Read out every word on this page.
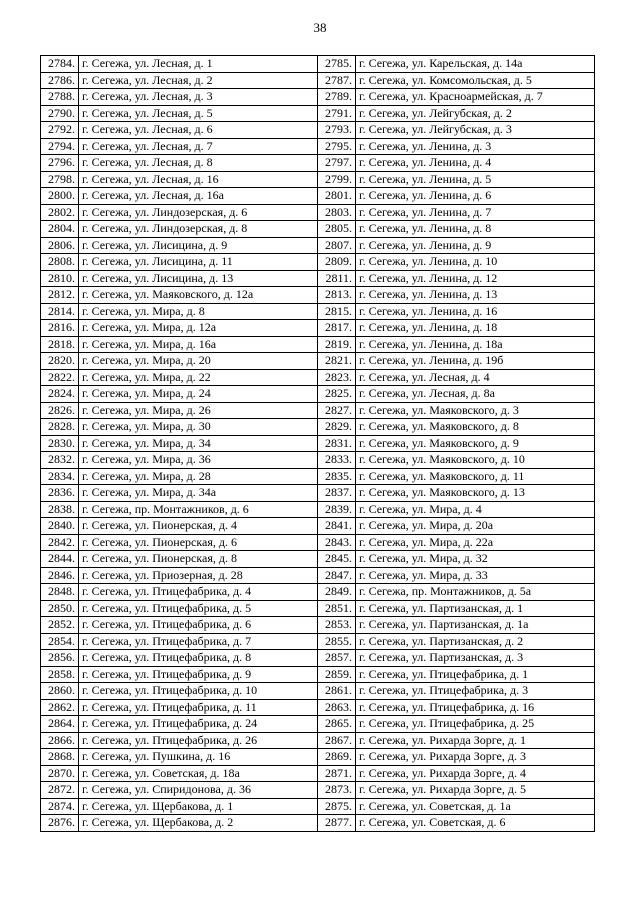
38
2784.	г. Сегежа, ул. Лесная, д. 1	2785.	г. Сегежа, ул. Карельская, д. 14а
2786.	г. Сегежа, ул. Лесная, д. 2	2787.	г. Сегежа, ул. Комсомольская, д. 5
2788.	г. Сегежа, ул. Лесная, д. 3	2789.	г. Сегежа, ул. Красноармейская, д. 7
2790.	г. Сегежа, ул. Лесная, д. 5	2791.	г. Сегежа, ул. Лейгубская, д. 2
2792.	г. Сегежа, ул. Лесная, д. 6	2793.	г. Сегежа, ул. Лейгубская, д. 3
2794.	г. Сегежа, ул. Лесная, д. 7	2795.	г. Сегежа, ул. Ленина, д. 3
2796.	г. Сегежа, ул. Лесная, д. 8	2797.	г. Сегежа, ул. Ленина, д. 4
2798.	г. Сегежа, ул. Лесная, д. 16	2799.	г. Сегежа, ул. Ленина, д. 5
2800.	г. Сегежа, ул. Лесная, д. 16а	2801.	г. Сегежа, ул. Ленина, д. 6
2802.	г. Сегежа, ул. Линдозерская, д. 6	2803.	г. Сегежа, ул. Ленина, д. 7
2804.	г. Сегежа, ул. Линдозерская, д. 8	2805.	г. Сегежа, ул. Ленина, д. 8
2806.	г. Сегежа, ул. Лисицина, д. 9	2807.	г. Сегежа, ул. Ленина, д. 9
2808.	г. Сегежа, ул. Лисицина, д. 11	2809.	г. Сегежа, ул. Ленина, д. 10
2810.	г. Сегежа, ул. Лисицина, д. 13	2811.	г. Сегежа, ул. Ленина, д. 12
2812.	г. Сегежа, ул. Маяковского, д. 12а	2813.	г. Сегежа, ул. Ленина, д. 13
2814.	г. Сегежа, ул. Мира, д. 8	2815.	г. Сегежа, ул. Ленина, д. 16
2816.	г. Сегежа, ул. Мира, д. 12а	2817.	г. Сегежа, ул. Ленина, д. 18
2818.	г. Сегежа, ул. Мира, д. 16а	2819.	г. Сегежа, ул. Ленина, д. 18а
2820.	г. Сегежа, ул. Мира, д. 20	2821.	г. Сегежа, ул. Ленина, д. 19б
2822.	г. Сегежа, ул. Мира, д. 22	2823.	г. Сегежа, ул. Лесная, д. 4
2824.	г. Сегежа, ул. Мира, д. 24	2825.	г. Сегежа, ул. Лесная, д. 8а
2826.	г. Сегежа, ул. Мира, д. 26	2827.	г. Сегежа, ул. Маяковского, д. 3
2828.	г. Сегежа, ул. Мира, д. 30	2829.	г. Сегежа, ул. Маяковского, д. 8
2830.	г. Сегежа, ул. Мира, д. 34	2831.	г. Сегежа, ул. Маяковского, д. 9
2832.	г. Сегежа, ул. Мира, д. 36	2833.	г. Сегежа, ул. Маяковского, д. 10
2834.	г. Сегежа, ул. Мира, д. 28	2835.	г. Сегежа, ул. Маяковского, д. 11
2836.	г. Сегежа, ул. Мира, д. 34а	2837.	г. Сегежа, ул. Маяковского, д. 13
2838.	г. Сегежа, пр. Монтажников, д. 6	2839.	г. Сегежа, ул. Мира, д. 4
2840.	г. Сегежа, ул. Пионерская, д. 4	2841.	г. Сегежа, ул. Мира, д. 20а
2842.	г. Сегежа, ул. Пионерская, д. 6	2843.	г. Сегежа, ул. Мира, д. 22а
2844.	г. Сегежа, ул. Пионерская, д. 8	2845.	г. Сегежа, ул. Мира, д. 32
2846.	г. Сегежа, ул. Приозерная, д. 28	2847.	г. Сегежа, ул. Мира, д. 33
2848.	г. Сегежа, ул. Птицефабрика, д. 4	2849.	г. Сегежа, пр. Монтажников, д. 5а
2850.	г. Сегежа, ул. Птицефабрика, д. 5	2851.	г. Сегежа, ул. Партизанская, д. 1
2852.	г. Сегежа, ул. Птицефабрика, д. 6	2853.	г. Сегежа, ул. Партизанская, д. 1а
2854.	г. Сегежа, ул. Птицефабрика, д. 7	2855.	г. Сегежа, ул. Партизанская, д. 2
2856.	г. Сегежа, ул. Птицефабрика, д. 8	2857.	г. Сегежа, ул. Партизанская, д. 3
2858.	г. Сегежа, ул. Птицефабрика, д. 9	2859.	г. Сегежа, ул. Птицефабрика, д. 1
2860.	г. Сегежа, ул. Птицефабрика, д. 10	2861.	г. Сегежа, ул. Птицефабрика, д. 3
2862.	г. Сегежа, ул. Птицефабрика, д. 11	2863.	г. Сегежа, ул. Птицефабрика, д. 16
2864.	г. Сегежа, ул. Птицефабрика, д. 24	2865.	г. Сегежа, ул. Птицефабрика, д. 25
2866.	г. Сегежа, ул. Птицефабрика, д. 26	2867.	г. Сегежа, ул. Рихарда Зорге, д. 1
2868.	г. Сегежа, ул. Пушкина, д. 16	2869.	г. Сегежа, ул. Рихарда Зорге, д. 3
2870.	г. Сегежа, ул. Советская, д. 18а	2871.	г. Сегежа, ул. Рихарда Зорге, д. 4
2872.	г. Сегежа, ул. Спиридонова, д. 36	2873.	г. Сегежа, ул. Рихарда Зорге, д. 5
2874.	г. Сегежа, ул. Щербакова, д. 1	2875.	г. Сегежа, ул. Советская, д. 1а
2876.	г. Сегежа, ул. Щербакова, д. 2	2877.	г. Сегежа, ул. Советская, д. 6
